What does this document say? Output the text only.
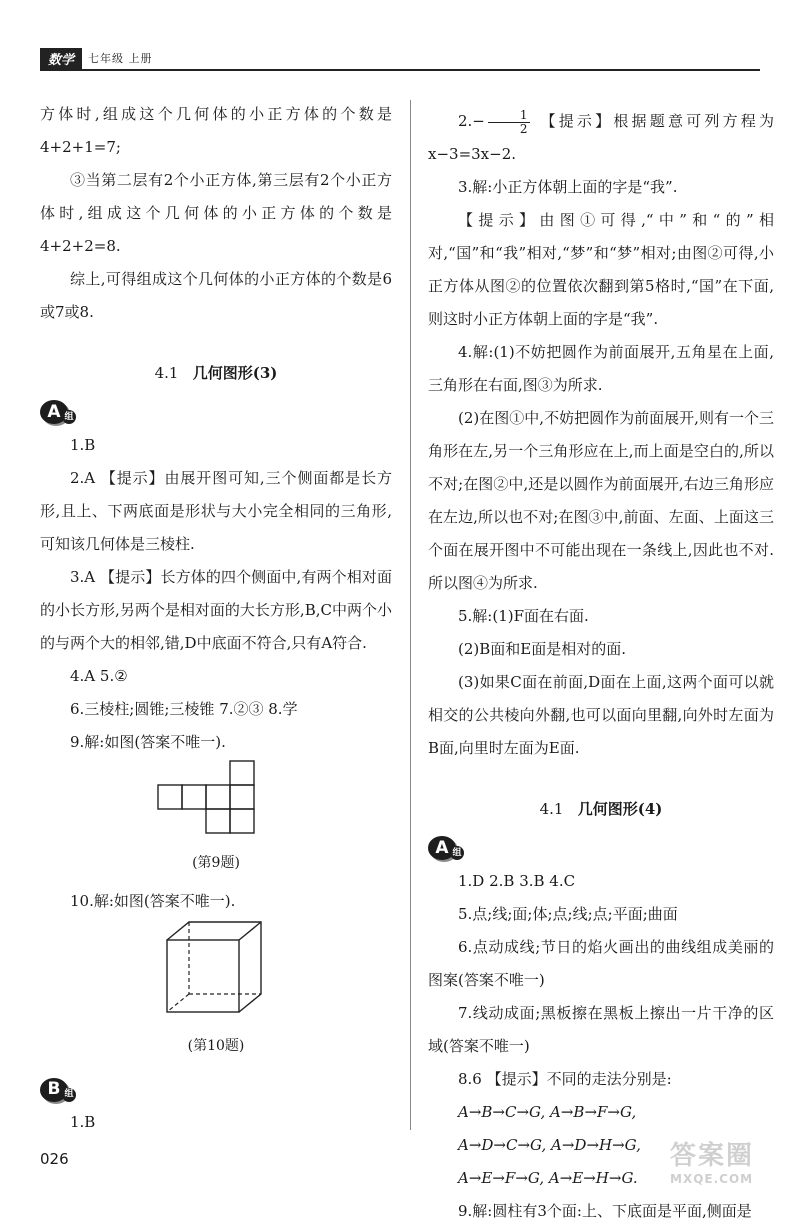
数学	七年级 上册

方体时,组成这个几何体的小正方体的个数是4+2+1=7;

③当第二层有2个小正方体,第三层有2个小正方体时,组成这个几何体的小正方体的个数是4+2+2=8.

综上,可得组成这个几何体的小正方体的个数是6或7或8.

4.1 几何图形(3)

A 组

1.B

2.A 【提示】由展开图可知,三个侧面都是长方形,且上、下两底面是形状与大小完全相同的三角形,可知该几何体是三棱柱.

3.A 【提示】长方体的四个侧面中,有两个相对面的小长方形,另两个是相对面的大长方形,B,C中两个小的与两个大的相邻,错,D中底面不符合,只有A符合.

4.A 5.②

6.三棱柱;圆锥;三棱锥 7.②③ 8.学

9.解:如图(答案不唯一).

(第9题)

10.解:如图(答案不唯一).

(第10题)

B 组

1.B

$2.- \frac{1}{2}$ 【提示】根据题意可列方程为x−3=3x−2.

3.解:小正方体朝上面的字是“我”.

【提示】由图①可得,“中”和“的”相对,“国”和“我”相对,“梦”和“梦”相对;由图②可得,小正方体从图②的位置依次翻到第5格时,“国”在下面,则这时小正方体朝上面的字是“我”.

4.解:(1)不妨把圆作为前面展开,五角星在上面,三角形在右面,图③为所求.

(2)在图①中,不妨把圆作为前面展开,则有一个三角形在左,另一个三角形应在上,而上面是空白的,所以不对;在图②中,还是以圆作为前面展开,右边三角形应在左边,所以也不对;在图③中,前面、左面、上面这三个面在展开图中不可能出现在一条线上,因此也不对.所以图④为所求.

5.解:(1)F面在右面.

(2)B面和E面是相对的面.

(3)如果C面在前面,D面在上面,这两个面可以就相交的公共棱向外翻,也可以面向里翻,向外时左面为B面,向里时左面为E面.

4.1 几何图形(4)

A 组

1.D 2.B 3.B 4.C

5.点;线;面;体;点;线;点;平面;曲面

6.点动成线;节日的焰火画出的曲线组成美丽的图案(答案不唯一)

7.线动成面;黑板擦在黑板上擦出一片干净的区域(答案不唯一)

8.6 【提示】不同的走法分别是:

A→B→C→G, A→B→F→G,

A→D→C→G, A→D→H→G,

A→E→F→G, A→E→H→G.

9.解:圆柱有3个面:上、下底面是平面,侧面是

026	答案圈
MXQE.COM
